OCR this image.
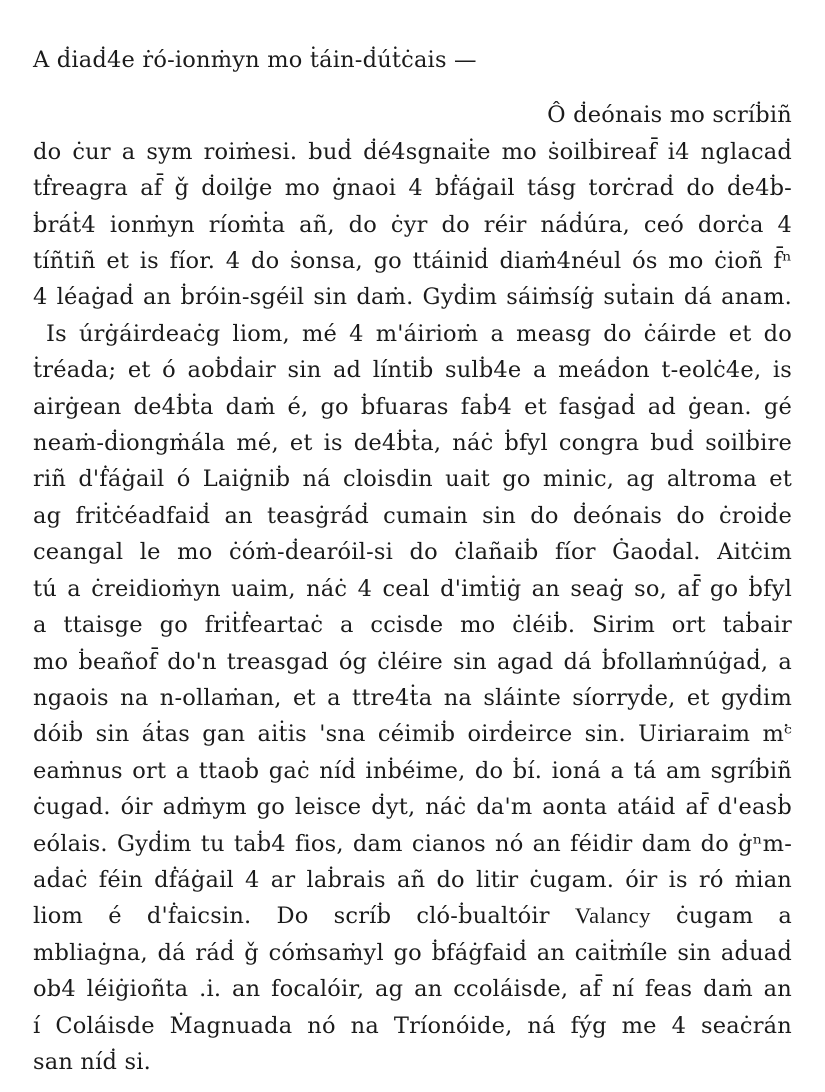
A ḋiaḋ4e ṙó-ionṁyn mo ṫáin-ḋúṫċais —
Ô ḋeónais mo scríḃiñ
do ċur a sym roiṁesi. buḋ ḋé4sgnaiṫe mo ṡoilḃireaf̄ i4 nglacaḋ
tḟreagra af̄ ǧ ḋoilġe mo ġnaoi 4 bḟáġail tásg torċraḋ do ḋe4ḃ-
ḃráṫ4 ionṁyn ríoṁṫa añ, do ċyr do réir náḋúra, ceó dorċa 4
tíñtiñ et is fíor. 4 do ṡonsa, go ttáiniḋ diaṁ4néul ós mo ċioñ f̄ⁿ
4 léaġaḋ an ḃróin-sgéil sin daṁ. Gyḋim sáiṁsíġ suṫain dá anam.
Is úrġáirdeaċg liom, mé 4 m'áirioṁ a measg do ċáirde et do
ṫréada; et ó aoḃḋair sin ad líntiḃ sulḃ4e a meáḋon t-eolċ4e, is
airġean de4ḃṫa daṁ é, go ḃfuaras faḃ4 et fasġaḋ ad ġean. gé
neaṁ-ḋiongṁála mé, et is de4ḃṫa, náċ ḃfyl congra buḋ soilḃire
riñ d'ḟáġail ó Laiġniḃ ná cloisdin uait go minic, ag altroma et
ag friṫċéadfaiḋ an teasġráḋ cumain sin do ḋeónais do ċroiḋe
ceangal le mo ċóṁ-ḋearóil-si do ċlañaiḃ fíor Ġaoḋal. Aitċim
tú a ċreidioṁyn uaim, náċ 4 ceal d'imṫiġ an seaġ so, af̄ go ḃfyl
a ttaisge go friṫḟeartaċ a ccisde mo ċléiḃ. Sirim ort taḃair
mo ḃeañof̄ do'n treasgad óg ċléire sin agad dá ḃfollaṁnúġaḋ, a
ngaois na n-ollaṁan, et a ttre4ṫa na sláinte síorryḋe, et gyḋim
dóiḃ sin áṫas gan aiṫis 'sna céimiḃ oirḋeirce sin. Uiriaraim mᶜ̇
eaṁnus ort a ttaoḃ gaċ níḋ inḃéime, do ḃí. ioná a tá am sgríḃiñ
ċugad. óir adṁym go leisce ḋyt, náċ da'm aonta atáid af̄ d'easḃ
eólais. Gyḋim tu taḃ4 fios, dam cianos nó an féidir dam do ġⁿm-
aḋaċ féin dḟáġail 4 ar laḃrais añ do litir ċugam. óir is ró ṁian
liom é d'ḟaicsin. Do scríḃ cló-ḃualtóir Valancy ċugam a
mbliaġna, dá ráḋ ǧ cóṁsaṁyl go ḃfáġfaiḋ an caiṫṁíle sin aḋuaḋ
ob4 léiġioñta .i. an focalóir, ag an ccoláisde, af̄ ní feas daṁ an
í Coláisde Ṁagnuada nó na Tríonóide, ná fýg me 4 seaċrán
san níḋ si.
